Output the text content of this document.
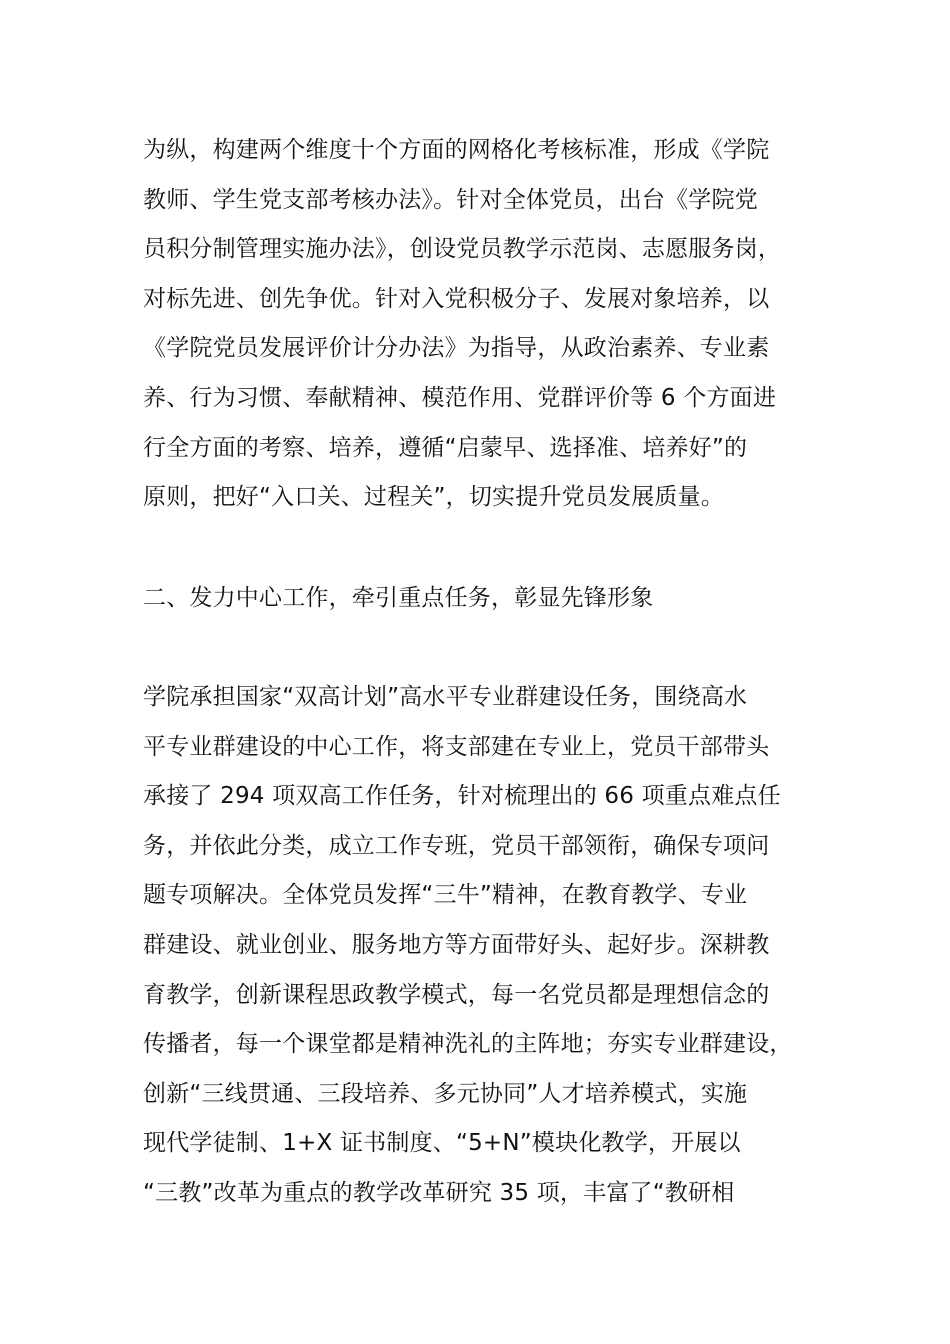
为纵，构建两个维度十个方面的网格化考核标准，形成《学院
教师、学生党支部考核办法》。针对全体党员，出台《学院党
员积分制管理实施办法》，创设党员教学示范岗、志愿服务岗，
对标先进、创先争优。针对入党积极分子、发展对象培养，以
《学院党员发展评价计分办法》为指导，从政治素养、专业素
养、行为习惯、奉献精神、模范作用、党群评价等 6 个方面进
行全方面的考察、培养，遵循“启蒙早、选择准、培养好”的
原则，把好“入口关、过程关”，切实提升党员发展质量。
二、发力中心工作，牵引重点任务，彰显先锋形象
学院承担国家“双高计划”高水平专业群建设任务，围绕高水
平专业群建设的中心工作，将支部建在专业上，党员干部带头
承接了 294 项双高工作任务，针对梳理出的 66 项重点难点任
务，并依此分类，成立工作专班，党员干部领衔，确保专项问
题专项解决。全体党员发挥“三牛”精神，在教育教学、专业
群建设、就业创业、服务地方等方面带好头、起好步。深耕教
育教学，创新课程思政教学模式，每一名党员都是理想信念的
传播者，每一个课堂都是精神洗礼的主阵地；夯实专业群建设，
创新“三线贯通、三段培养、多元协同”人才培养模式，实施
现代学徒制、1+X 证书制度、“5+N”模块化教学，开展以
“三教”改革为重点的教学改革研究 35 项，丰富了“教研相
